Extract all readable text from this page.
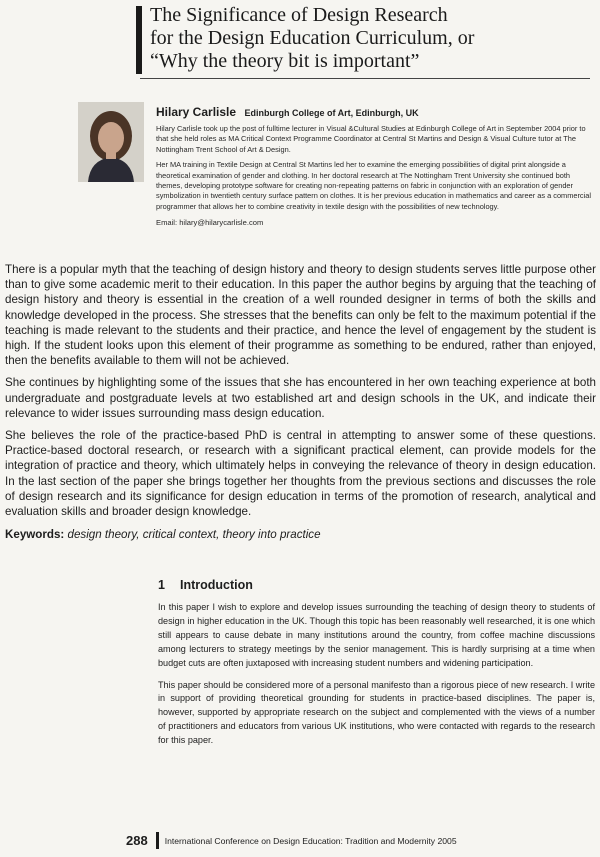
The Significance of Design Research
for the Design Education Curriculum, or
“Why the theory bit is important”
Hilary Carlisle Edinburgh College of Art, Edinburgh, UK

Hilary Carlisle took up the post of fulltime lecturer in Visual &Cultural Studies at Edinburgh College of Art in September 2004 prior to that she held roles as MA Critical Context Programme Coordinator at Central St Martins and Design & Visual Culture tutor at The Nottingham Trent School of Art & Design.

Her MA training in Textile Design at Central St Martins led her to examine the emerging possibilities of digital print alongside a theoretical examination of gender and clothing. In her doctoral research at The Nottingham Trent University she continued both themes, developing prototype software for creating non-repeating patterns on fabric in conjunction with an exploration of gender symbolization in twentieth century surface pattern on clothes. It is her previous education in mathematics and career as a commercial programmer that allows her to combine creativity in textile design with the possibilities of new technology.

Email: hilary@hilarycarlisle.com

There is a popular myth that the teaching of design history and theory to design students serves little purpose other than to give some academic merit to their education. In this paper the author begins by arguing that the teaching of design history and theory is essential in the creation of a well rounded designer in terms of both the skills and knowledge developed in the process. She stresses that the benefits can only be felt to the maximum potential if the teaching is made relevant to the students and their practice, and hence the level of engagement by the student is high. If the student looks upon this element of their programme as something to be endured, rather than enjoyed, then the benefits available to them will not be achieved.

She continues by highlighting some of the issues that she has encountered in her own teaching experience at both undergraduate and postgraduate levels at two established art and design schools in the UK, and indicate their relevance to wider issues surrounding mass design education.

She believes the role of the practice-based PhD is central in attempting to answer some of these questions. Practice-based doctoral research, or research with a significant practical element, can provide models for the integration of practice and theory, which ultimately helps in conveying the relevance of theory in design education. In the last section of the paper she brings together her thoughts from the previous sections and discusses the role of design research and its significance for design education in terms of the promotion of research, analytical and evaluation skills and broader design knowledge.

Keywords: design theory, critical context, theory into practice
1 Introduction

In this paper I wish to explore and develop issues surrounding the teaching of design theory to students of design in higher education in the UK. Though this topic has been reasonably well researched, it is one which still appears to cause debate in many institutions around the country, from coffee machine discussions among lecturers to strategy meetings by the senior management. This is hardly surprising at a time when budget cuts are often juxtaposed with increasing student numbers and widening participation.

This paper should be considered more of a personal manifesto than a rigorous piece of new research. I write in support of providing theoretical grounding for students in practice-based disciplines. The paper is, however, supported by appropriate research on the subject and complemented with the views of a number of practitioners and educators from various UK institutions, who were contacted with regards to the research for this paper.

288 International Conference on Design Education: Tradition and Modernity 2005
